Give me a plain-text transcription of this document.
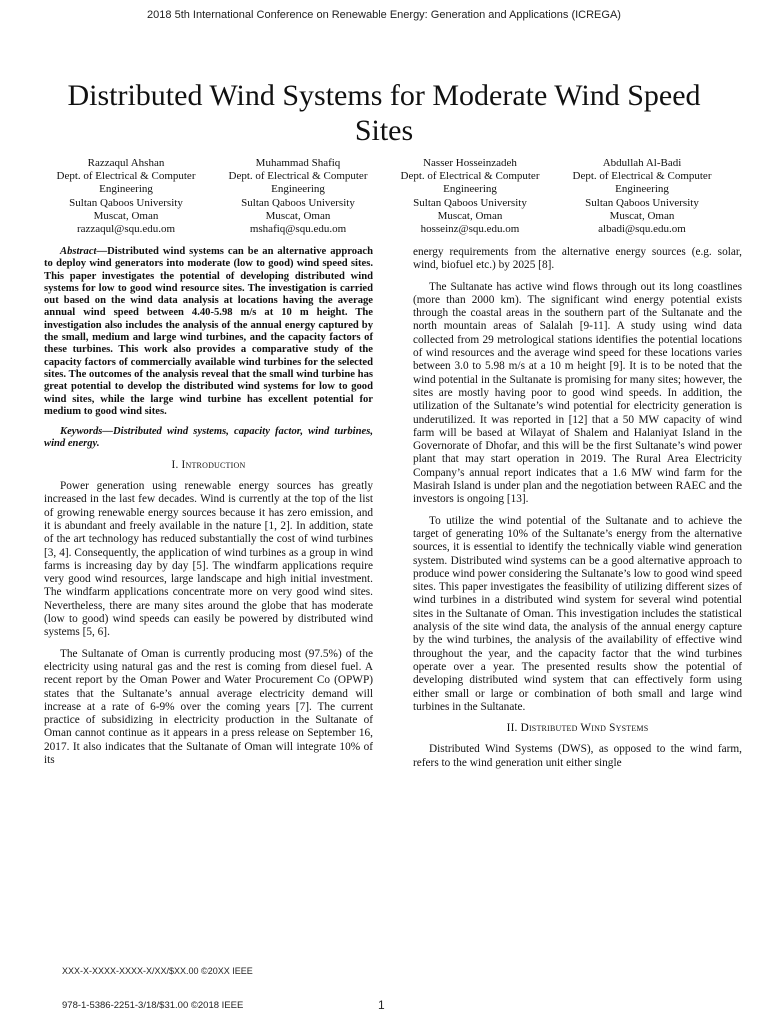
2018 5th International Conference on Renewable Energy: Generation and Applications (ICREGA)
Distributed Wind Systems for Moderate Wind Speed Sites
Razzaqul Ahshan
Dept. of Electrical & Computer
Engineering
Sultan Qaboos University
Muscat, Oman
razzaqul@squ.edu.om
Muhammad Shafiq
Dept. of Electrical & Computer
Engineering
Sultan Qaboos University
Muscat, Oman
mshafiq@squ.edu.om
Nasser Hosseinzadeh
Dept. of Electrical & Computer
Engineering
Sultan Qaboos University
Muscat, Oman
hosseinz@squ.edu.om
Abdullah Al-Badi
Dept. of Electrical & Computer
Engineering
Sultan Qaboos University
Muscat, Oman
albadi@squ.edu.om

Abstract—Distributed wind systems can be an alternative approach to deploy wind generators into moderate (low to good) wind speed sites. This paper investigates the potential of developing distributed wind systems for low to good wind resource sites. The investigation is carried out based on the wind data analysis at locations having the average annual wind speed between 4.40-5.98 m/s at 10 m height. The investigation also includes the analysis of the annual energy captured by the small, medium and large wind turbines, and the capacity factors of these turbines. This work also provides a comparative study of the capacity factors of commercially available wind turbines for the selected sites. The outcomes of the analysis reveal that the small wind turbine has great potential to develop the distributed wind systems for low to good wind sites, while the large wind turbine has excellent potential for medium to good wind sites.

Keywords—Distributed wind systems, capacity factor, wind turbines, wind energy.

I. Introduction

Power generation using renewable energy sources has greatly increased in the last few decades. Wind is currently at the top of the list of growing renewable energy sources because it has zero emission, and it is abundant and freely available in the nature [1, 2]. In addition, state of the art technology has reduced substantially the cost of wind turbines [3, 4]. Consequently, the application of wind turbines as a group in wind farms is increasing day by day [5]. The windfarm applications require very good wind resources, large landscape and high initial investment. The windfarm applications concentrate more on very good wind sites. Nevertheless, there are many sites around the globe that has moderate (low to good) wind speeds can easily be powered by distributed wind systems [5, 6].

The Sultanate of Oman is currently producing most (97.5%) of the electricity using natural gas and the rest is coming from diesel fuel. A recent report by the Oman Power and Water Procurement Co (OPWP) states that the Sultanate’s annual average electricity demand will increase at a rate of 6-9% over the coming years [7]. The current practice of subsidizing in electricity production in the Sultanate of Oman cannot continue as it appears in a press release on September 16, 2017. It also indicates that the Sultanate of Oman will integrate 10% of its

energy requirements from the alternative energy sources (e.g. solar, wind, biofuel etc.) by 2025 [8].

The Sultanate has active wind flows through out its long coastlines (more than 2000 km). The significant wind energy potential exists through the coastal areas in the southern part of the Sultanate and the north mountain areas of Salalah [9-11]. A study using wind data collected from 29 metrological stations identifies the potential locations of wind resources and the average wind speed for these locations varies between 3.0 to 5.98 m/s at a 10 m height [9]. It is to be noted that the wind potential in the Sultanate is promising for many sites; however, the sites are mostly having poor to good wind speeds. In addition, the utilization of the Sultanate’s wind potential for electricity generation is underutilized. It was reported in [12] that a 50 MW capacity of wind farm will be based at Wilayat of Shalem and Halaniyat Island in the Governorate of Dhofar, and this will be the first Sultanate’s wind power plant that may start operation in 2019. The Rural Area Electricity Company’s annual report indicates that a 1.6 MW wind farm for the Masirah Island is under plan and the negotiation between RAEC and the investors is ongoing [13].

To utilize the wind potential of the Sultanate and to achieve the target of generating 10% of the Sultanate’s energy from the alternative sources, it is essential to identify the technically viable wind generation system. Distributed wind systems can be a good alternative approach to produce wind power considering the Sultanate’s low to good wind speed sites. This paper investigates the feasibility of utilizing different sizes of wind turbines in a distributed wind system for several wind potential sites in the Sultanate of Oman. This investigation includes the statistical analysis of the site wind data, the analysis of the annual energy capture by the wind turbines, the analysis of the availability of effective wind throughout the year, and the capacity factor that the wind turbines operate over a year. The presented results show the potential of developing distributed wind system that can effectively form using either small or large or combination of both small and large wind turbines in the Sultanate.

II. Distributed Wind Systems

Distributed Wind Systems (DWS), as opposed to the wind farm, refers to the wind generation unit either single

XXX-X-XXXX-XXXX-X/XX/$XX.00 ©20XX IEEE
978-1-5386-2251-3/18/$31.00 ©2018 IEEE	1
